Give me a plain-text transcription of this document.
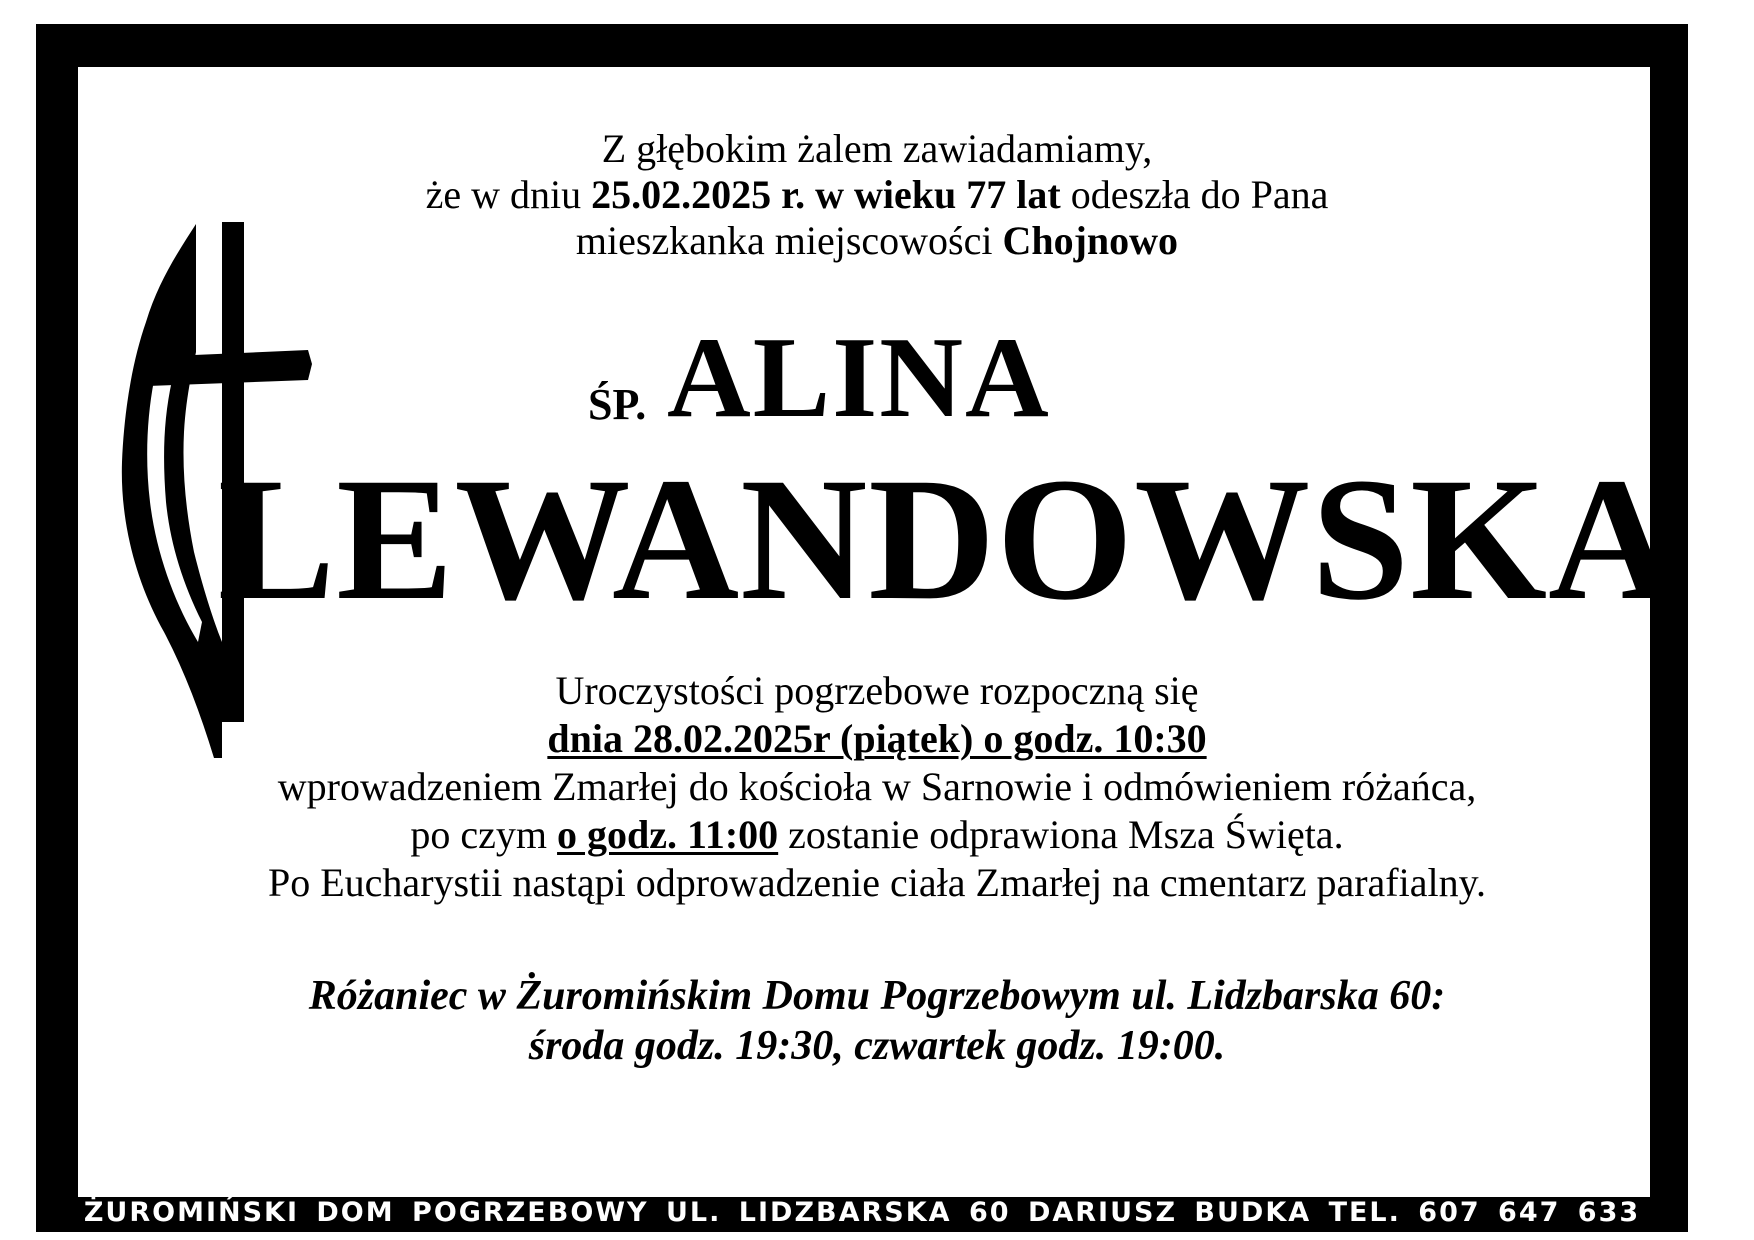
Z głębokim żalem zawiadamiamy,
że w dniu 25.02.2025 r. w wieku 77 lat odeszła do Pana
mieszkanka miejscowości Chojnowo
ŚP. ALINA
LEWANDOWSKA
Uroczystości pogrzebowe rozpoczną się
dnia 28.02.2025r (piątek) o godz. 10:30
wprowadzeniem Zmarłej do kościoła w Sarnowie i odmówieniem różańca,
po czym o godz. 11:00 zostanie odprawiona Msza Święta.
Po Eucharystii nastąpi odprowadzenie ciała Zmarłej na cmentarz parafialny.
Różaniec w Żuromińskim Domu Pogrzebowym ul. Lidzbarska 60:
środa godz. 19:30, czwartek godz. 19:00.
ŻUROMIŃSKI DOM POGRZEBOWY UL. LIDZBARSKA 60 DARIUSZ BUDKA TEL. 607 647 633
